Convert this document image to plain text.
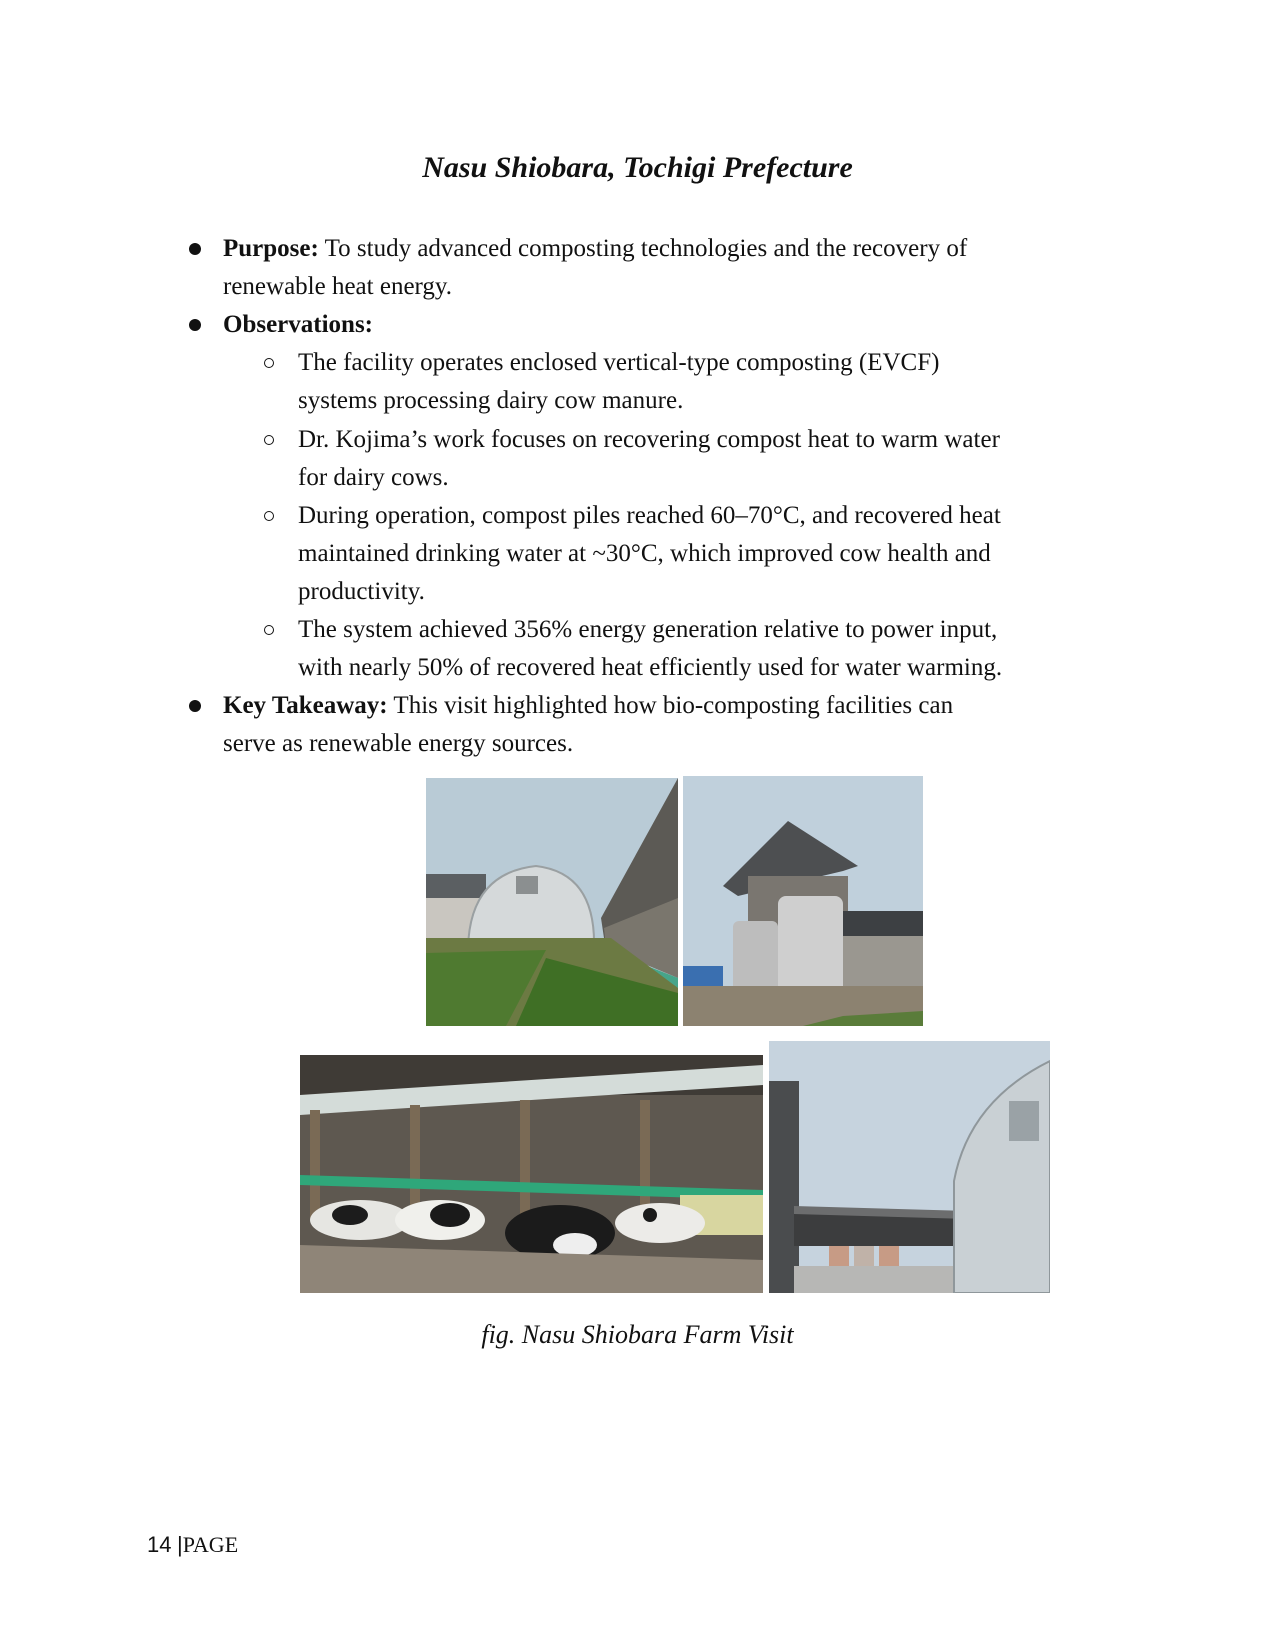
Nasu Shiobara, Tochigi Prefecture
Purpose: To study advanced composting technologies and the recovery of
renewable heat energy.
Observations:
The facility operates enclosed vertical-type composting (EVCF)
systems processing dairy cow manure.
Dr. Kojima’s work focuses on recovering compost heat to warm water
for dairy cows.
During operation, compost piles reached 60–70°C, and recovered heat
maintained drinking water at ~30°C, which improved cow health and
productivity.
The system achieved 356% energy generation relative to power input,
with nearly 50% of recovered heat efficiently used for water warming.
Key Takeaway: This visit highlighted how bio-composting facilities can
serve as renewable energy sources.
fig. Nasu Shiobara Farm Visit
14 |PAGE
